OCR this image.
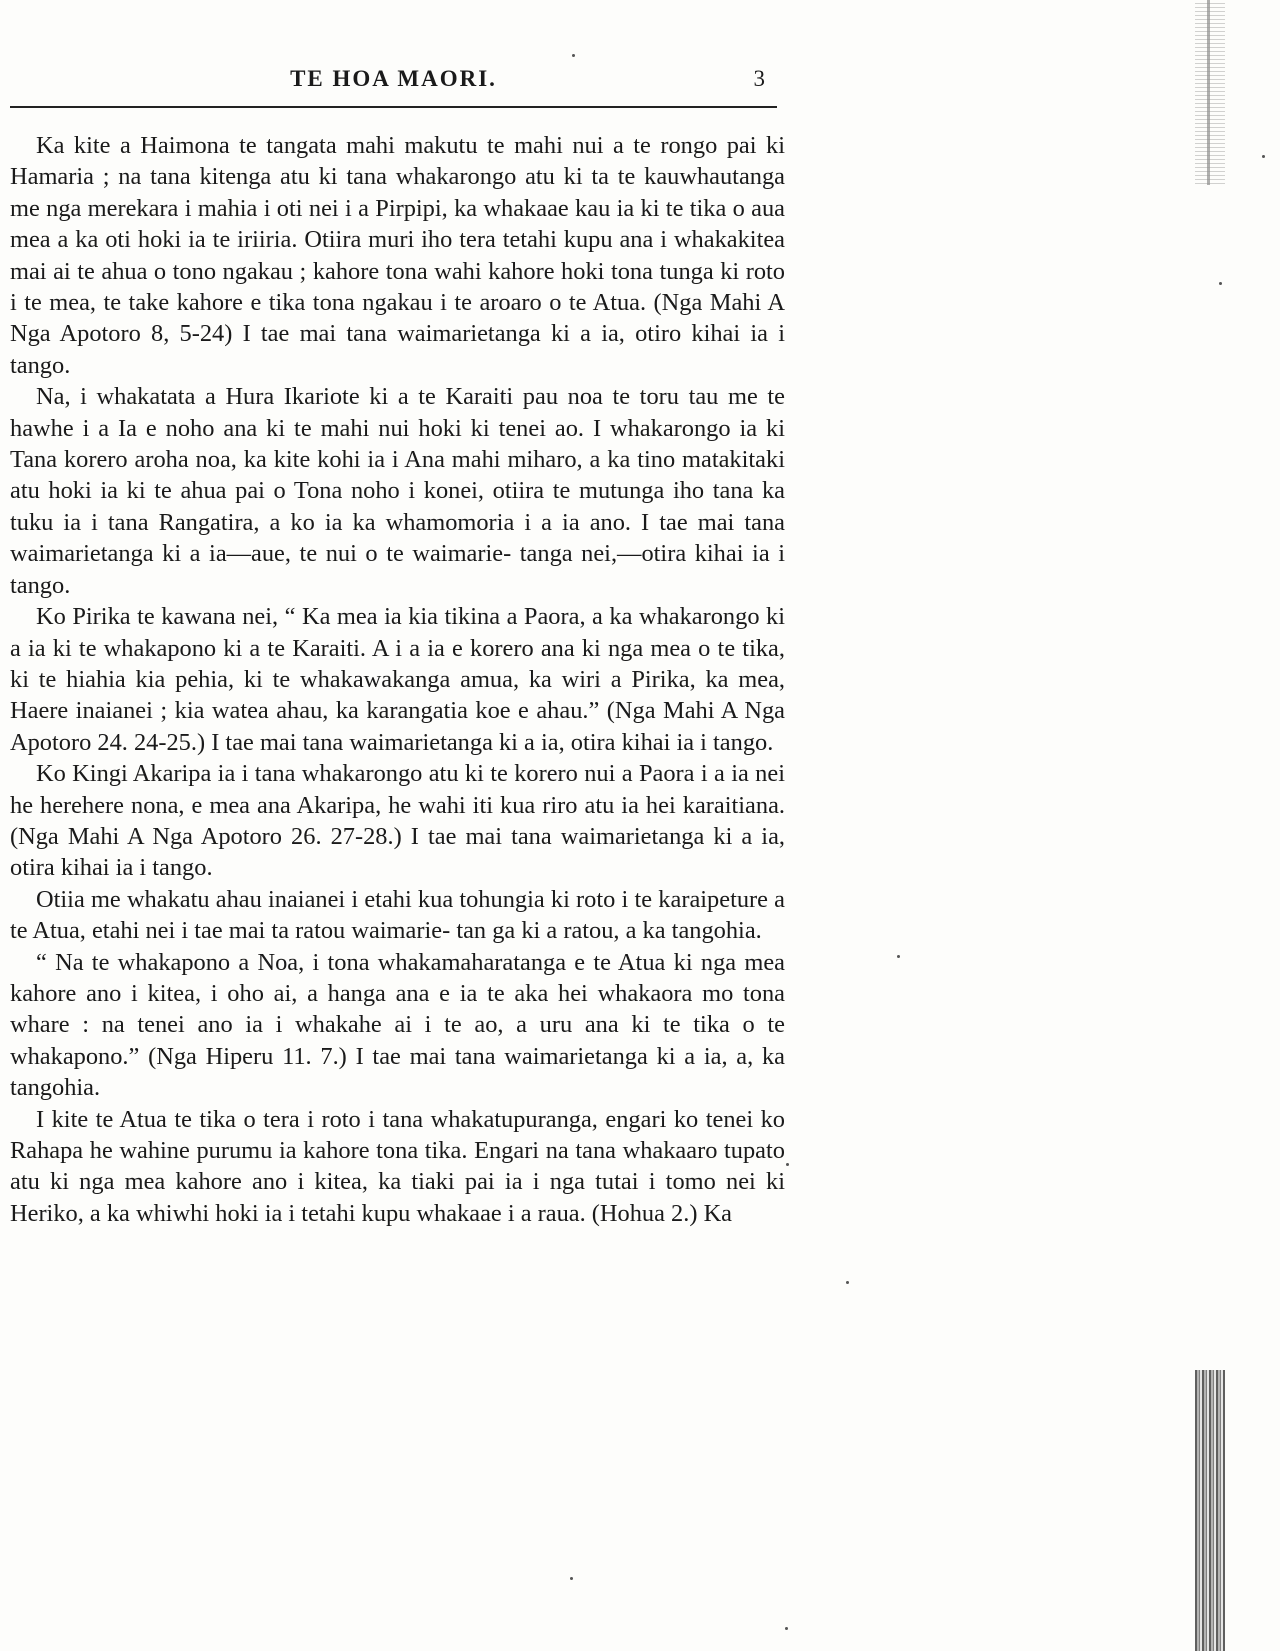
TE HOA MAORI.	3

Ka kite a Haimona te tangata mahi makutu te mahi nui a te rongo pai ki Hamaria ; na tana kitenga atu ki tana whakarongo atu ki ta te kauwhautanga me nga merekara i mahia i oti nei i a Pirpipi, ka whakaae kau ia ki te tika o aua mea a ka oti hoki ia te iriiria. Otiira muri iho tera tetahi kupu ana i whakakitea mai ai te ahua o tono ngakau ; kahore tona wahi kahore hoki tona tunga ki roto i te mea, te take kahore e tika tona ngakau i te aroaro o te Atua. (Nga Mahi A Nga Apotoro 8, 5-24) I tae mai tana waimarietanga ki a ia, otiro kihai ia i tango.

Na, i whakatata a Hura Ikariote ki a te Karaiti pau noa te toru tau me te hawhe i a Ia e noho ana ki te mahi nui hoki ki tenei ao. I whakarongo ia ki Tana korero aroha noa, ka kite kohi ia i Ana mahi miharo, a ka tino matakitaki atu hoki ia ki te ahua pai o Tona noho i konei, otiira te mutunga iho tana ka tuku ia i tana Rangatira, a ko ia ka whamomoria i a ia ano. I tae mai tana waimarietanga ki a ia—aue, te nui o te waimarie- tanga nei,—otira kihai ia i tango.

Ko Pirika te kawana nei, “ Ka mea ia kia tikina a Paora, a ka whakarongo ki a ia ki te whakapono ki a te Karaiti. A i a ia e korero ana ki nga mea o te tika, ki te hiahia kia pehia, ki te whakawakanga amua, ka wiri a Pirika, ka mea, Haere inaianei ; kia watea ahau, ka karangatia koe e ahau.” (Nga Mahi A Nga Apotoro 24. 24-25.) I tae mai tana waimarietanga ki a ia, otira kihai ia i tango.

Ko Kingi Akaripa ia i tana whakarongo atu ki te korero nui a Paora i a ia nei he herehere nona, e mea ana Akaripa, he wahi iti kua riro atu ia hei karaitiana. (Nga Mahi A Nga Apotoro 26. 27-28.) I tae mai tana waimarietanga ki a ia, otira kihai ia i tango.

Otiia me whakatu ahau inaianei i etahi kua tohungia ki roto i te karaipeture a te Atua, etahi nei i tae mai ta ratou waimarie- tan ga ki a ratou, a ka tangohia.

“ Na te whakapono a Noa, i tona whakamaharatanga e te Atua ki nga mea kahore ano i kitea, i oho ai, a hanga ana e ia te aka hei whakaora mo tona whare : na tenei ano ia i whakahe ai i te ao, a uru ana ki te tika o te whakapono.” (Nga Hiperu 11. 7.) I tae mai tana waimarietanga ki a ia, a, ka tangohia.

I kite te Atua te tika o tera i roto i tana whakatupuranga, engari ko tenei ko Rahapa he wahine purumu ia kahore tona tika. Engari na tana whakaaro tupato atu ki nga mea kahore ano i kitea, ka tiaki pai ia i nga tutai i tomo nei ki Heriko, a ka whiwhi hoki ia i tetahi kupu whakaae i a raua. (Hohua 2.) Ka
